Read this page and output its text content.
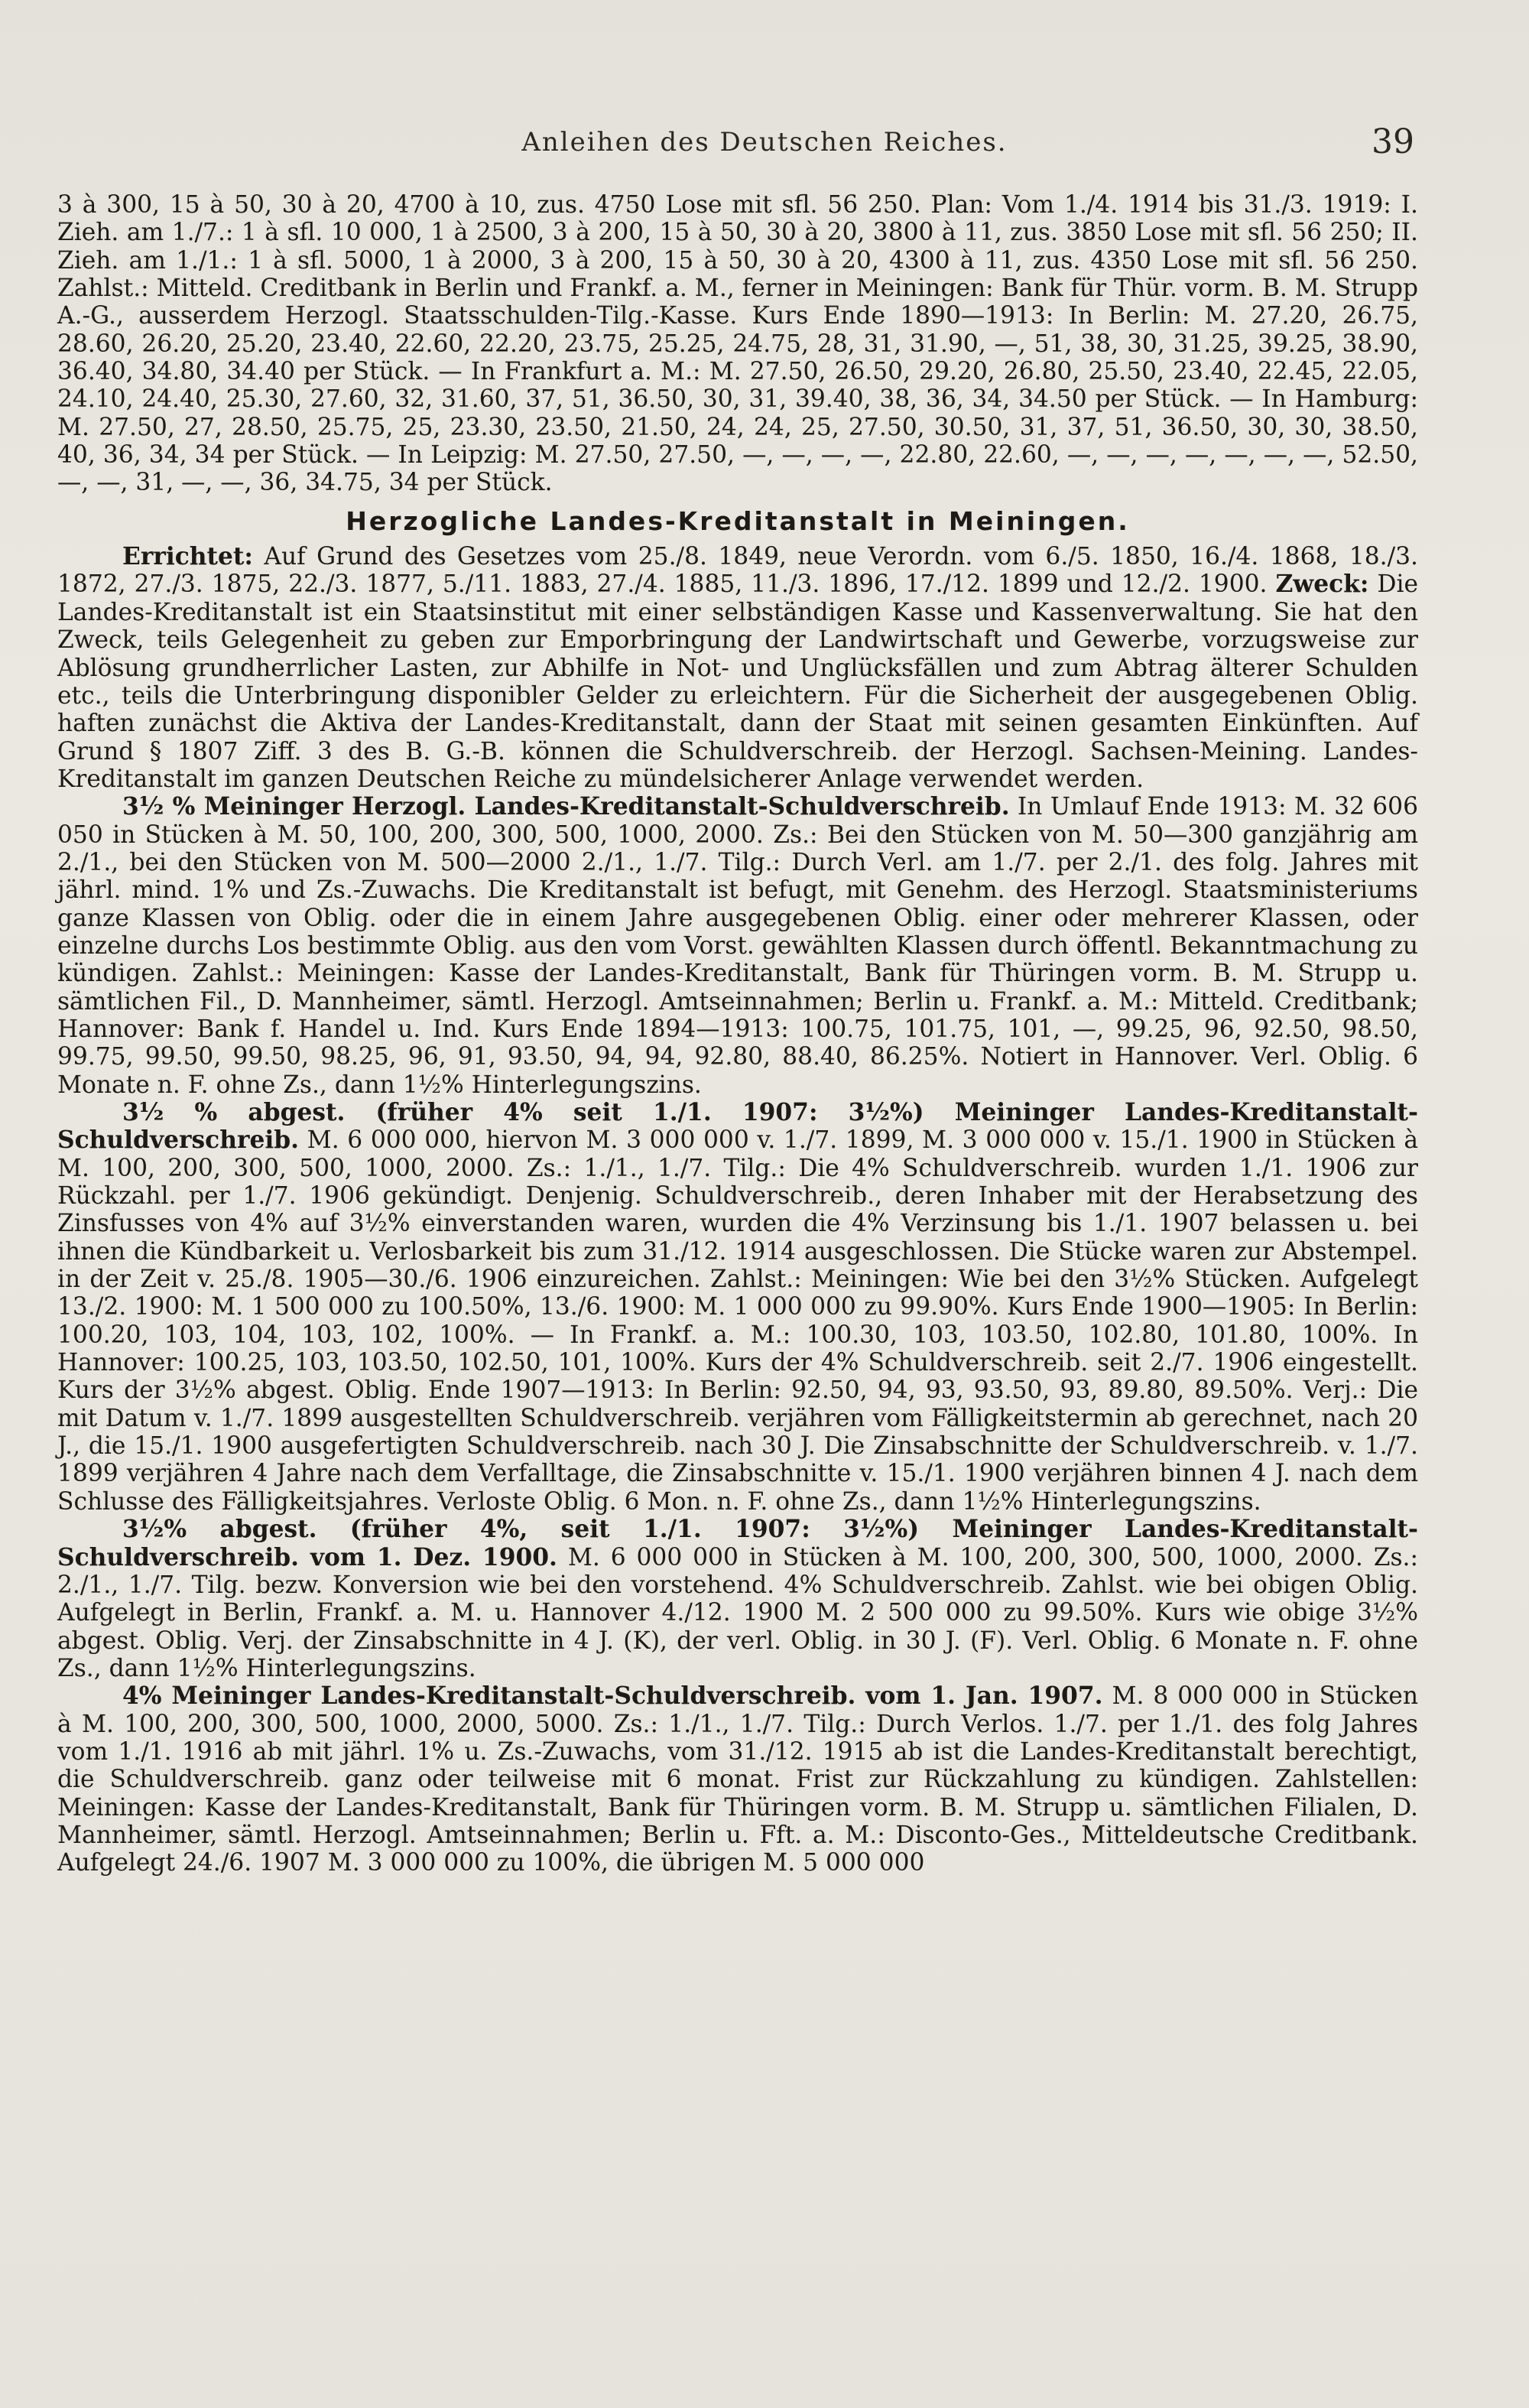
Anleihen des Deutschen Reiches.	39

3 à 300, 15 à 50, 30 à 20, 4700 à 10, zus. 4750 Lose mit sfl. 56 250. Plan: Vom 1./4. 1914 bis 31./3. 1919: I. Zieh. am 1./7.: 1 à sfl. 10 000, 1 à 2500, 3 à 200, 15 à 50, 30 à 20, 3800 à 11, zus. 3850 Lose mit sfl. 56 250; II. Zieh. am 1./1.: 1 à sfl. 5000, 1 à 2000, 3 à 200, 15 à 50, 30 à 20, 4300 à 11, zus. 4350 Lose mit sfl. 56 250. Zahlst.: Mitteld. Creditbank in Berlin und Frankf. a. M., ferner in Meiningen: Bank für Thür. vorm. B. M. Strupp A.-G., ausserdem Herzogl. Staatsschulden-Tilg.-Kasse. Kurs Ende 1890—1913: In Berlin: M. 27.20, 26.75, 28.60, 26.20, 25.20, 23.40, 22.60, 22.20, 23.75, 25.25, 24.75, 28, 31, 31.90, —, 51, 38, 30, 31.25, 39.25, 38.90, 36.40, 34.80, 34.40 per Stück. — In Frankfurt a. M.: M. 27.50, 26.50, 29.20, 26.80, 25.50, 23.40, 22.45, 22.05, 24.10, 24.40, 25.30, 27.60, 32, 31.60, 37, 51, 36.50, 30, 31, 39.40, 38, 36, 34, 34.50 per Stück. — In Hamburg: M. 27.50, 27, 28.50, 25.75, 25, 23.30, 23.50, 21.50, 24, 24, 25, 27.50, 30.50, 31, 37, 51, 36.50, 30, 30, 38.50, 40, 36, 34, 34 per Stück. — In Leipzig: M. 27.50, 27.50, —, —, —, —, 22.80, 22.60, —, —, —, —, —, —, —, 52.50, —, —, 31, —, —, 36, 34.75, 34 per Stück.

Herzogliche Landes-Kreditanstalt in Meiningen.

Errichtet: Auf Grund des Gesetzes vom 25./8. 1849, neue Verordn. vom 6./5. 1850, 16./4. 1868, 18./3. 1872, 27./3. 1875, 22./3. 1877, 5./11. 1883, 27./4. 1885, 11./3. 1896, 17./12. 1899 und 12./2. 1900. Zweck: Die Landes-Kreditanstalt ist ein Staatsinstitut mit einer selbständigen Kasse und Kassenverwaltung. Sie hat den Zweck, teils Gelegenheit zu geben zur Emporbringung der Landwirtschaft und Gewerbe, vorzugsweise zur Ablösung grundherrlicher Lasten, zur Abhilfe in Not- und Unglücksfällen und zum Abtrag älterer Schulden etc., teils die Unterbringung disponibler Gelder zu erleichtern. Für die Sicherheit der ausgegebenen Oblig. haften zunächst die Aktiva der Landes-Kreditanstalt, dann der Staat mit seinen gesamten Einkünften. Auf Grund § 1807 Ziff. 3 des B. G.-B. können die Schuldverschreib. der Herzogl. Sachsen-Meining. Landes-Kreditanstalt im ganzen Deutschen Reiche zu mündelsicherer Anlage verwendet werden.

3½ % Meininger Herzogl. Landes-Kreditanstalt-Schuldverschreib. In Umlauf Ende 1913: M. 32 606 050 in Stücken à M. 50, 100, 200, 300, 500, 1000, 2000. Zs.: Bei den Stücken von M. 50—300 ganzjährig am 2./1., bei den Stücken von M. 500—2000 2./1., 1./7. Tilg.: Durch Verl. am 1./7. per 2./1. des folg. Jahres mit jährl. mind. 1% und Zs.-Zuwachs. Die Kreditanstalt ist befugt, mit Genehm. des Herzogl. Staatsministeriums ganze Klassen von Oblig. oder die in einem Jahre ausgegebenen Oblig. einer oder mehrerer Klassen, oder einzelne durchs Los bestimmte Oblig. aus den vom Vorst. gewählten Klassen durch öffentl. Bekanntmachung zu kündigen. Zahlst.: Meiningen: Kasse der Landes-Kreditanstalt, Bank für Thüringen vorm. B. M. Strupp u. sämtlichen Fil., D. Mannheimer, sämtl. Herzogl. Amtseinnahmen; Berlin u. Frankf. a. M.: Mitteld. Creditbank; Hannover: Bank f. Handel u. Ind. Kurs Ende 1894—1913: 100.75, 101.75, 101, —, 99.25, 96, 92.50, 98.50, 99.75, 99.50, 99.50, 98.25, 96, 91, 93.50, 94, 94, 92.80, 88.40, 86.25%. Notiert in Hannover. Verl. Oblig. 6 Monate n. F. ohne Zs., dann 1½% Hinterlegungszins.

3½ % abgest. (früher 4% seit 1./1. 1907: 3½%) Meininger Landes-Kreditanstalt-Schuldverschreib. M. 6 000 000, hiervon M. 3 000 000 v. 1./7. 1899, M. 3 000 000 v. 15./1. 1900 in Stücken à M. 100, 200, 300, 500, 1000, 2000. Zs.: 1./1., 1./7. Tilg.: Die 4% Schuldverschreib. wurden 1./1. 1906 zur Rückzahl. per 1./7. 1906 gekündigt. Denjenig. Schuldverschreib., deren Inhaber mit der Herabsetzung des Zinsfusses von 4% auf 3½% einverstanden waren, wurden die 4% Verzinsung bis 1./1. 1907 belassen u. bei ihnen die Kündbarkeit u. Verlosbarkeit bis zum 31./12. 1914 ausgeschlossen. Die Stücke waren zur Abstempel. in der Zeit v. 25./8. 1905—30./6. 1906 einzureichen. Zahlst.: Meiningen: Wie bei den 3½% Stücken. Aufgelegt 13./2. 1900: M. 1 500 000 zu 100.50%, 13./6. 1900: M. 1 000 000 zu 99.90%. Kurs Ende 1900—1905: In Berlin: 100.20, 103, 104, 103, 102, 100%. — In Frankf. a. M.: 100.30, 103, 103.50, 102.80, 101.80, 100%. In Hannover: 100.25, 103, 103.50, 102.50, 101, 100%. Kurs der 4% Schuldverschreib. seit 2./7. 1906 eingestellt. Kurs der 3½% abgest. Oblig. Ende 1907—1913: In Berlin: 92.50, 94, 93, 93.50, 93, 89.80, 89.50%. Verj.: Die mit Datum v. 1./7. 1899 ausgestellten Schuldverschreib. verjähren vom Fälligkeitstermin ab gerechnet, nach 20 J., die 15./1. 1900 ausgefertigten Schuldverschreib. nach 30 J. Die Zinsabschnitte der Schuldverschreib. v. 1./7. 1899 verjähren 4 Jahre nach dem Verfalltage, die Zinsabschnitte v. 15./1. 1900 verjähren binnen 4 J. nach dem Schlusse des Fälligkeitsjahres. Verloste Oblig. 6 Mon. n. F. ohne Zs., dann 1½% Hinterlegungszins.

3½% abgest. (früher 4%, seit 1./1. 1907: 3½%) Meininger Landes-Kreditanstalt-Schuldverschreib. vom 1. Dez. 1900. M. 6 000 000 in Stücken à M. 100, 200, 300, 500, 1000, 2000. Zs.: 2./1., 1./7. Tilg. bezw. Konversion wie bei den vorstehend. 4% Schuldverschreib. Zahlst. wie bei obigen Oblig. Aufgelegt in Berlin, Frankf. a. M. u. Hannover 4./12. 1900 M. 2 500 000 zu 99.50%. Kurs wie obige 3½% abgest. Oblig. Verj. der Zinsabschnitte in 4 J. (K), der verl. Oblig. in 30 J. (F). Verl. Oblig. 6 Monate n. F. ohne Zs., dann 1½% Hinterlegungszins.

4% Meininger Landes-Kreditanstalt-Schuldverschreib. vom 1. Jan. 1907. M. 8 000 000 in Stücken à M. 100, 200, 300, 500, 1000, 2000, 5000. Zs.: 1./1., 1./7. Tilg.: Durch Verlos. 1./7. per 1./1. des folg Jahres vom 1./1. 1916 ab mit jährl. 1% u. Zs.-Zuwachs, vom 31./12. 1915 ab ist die Landes-Kreditanstalt berechtigt, die Schuldverschreib. ganz oder teilweise mit 6 monat. Frist zur Rückzahlung zu kündigen. Zahlstellen: Meiningen: Kasse der Landes-Kreditanstalt, Bank für Thüringen vorm. B. M. Strupp u. sämtlichen Filialen, D. Mannheimer, sämtl. Herzogl. Amtseinnahmen; Berlin u. Fft. a. M.: Disconto-Ges., Mitteldeutsche Creditbank. Aufgelegt 24./6. 1907 M. 3 000 000 zu 100%, die übrigen M. 5 000 000
